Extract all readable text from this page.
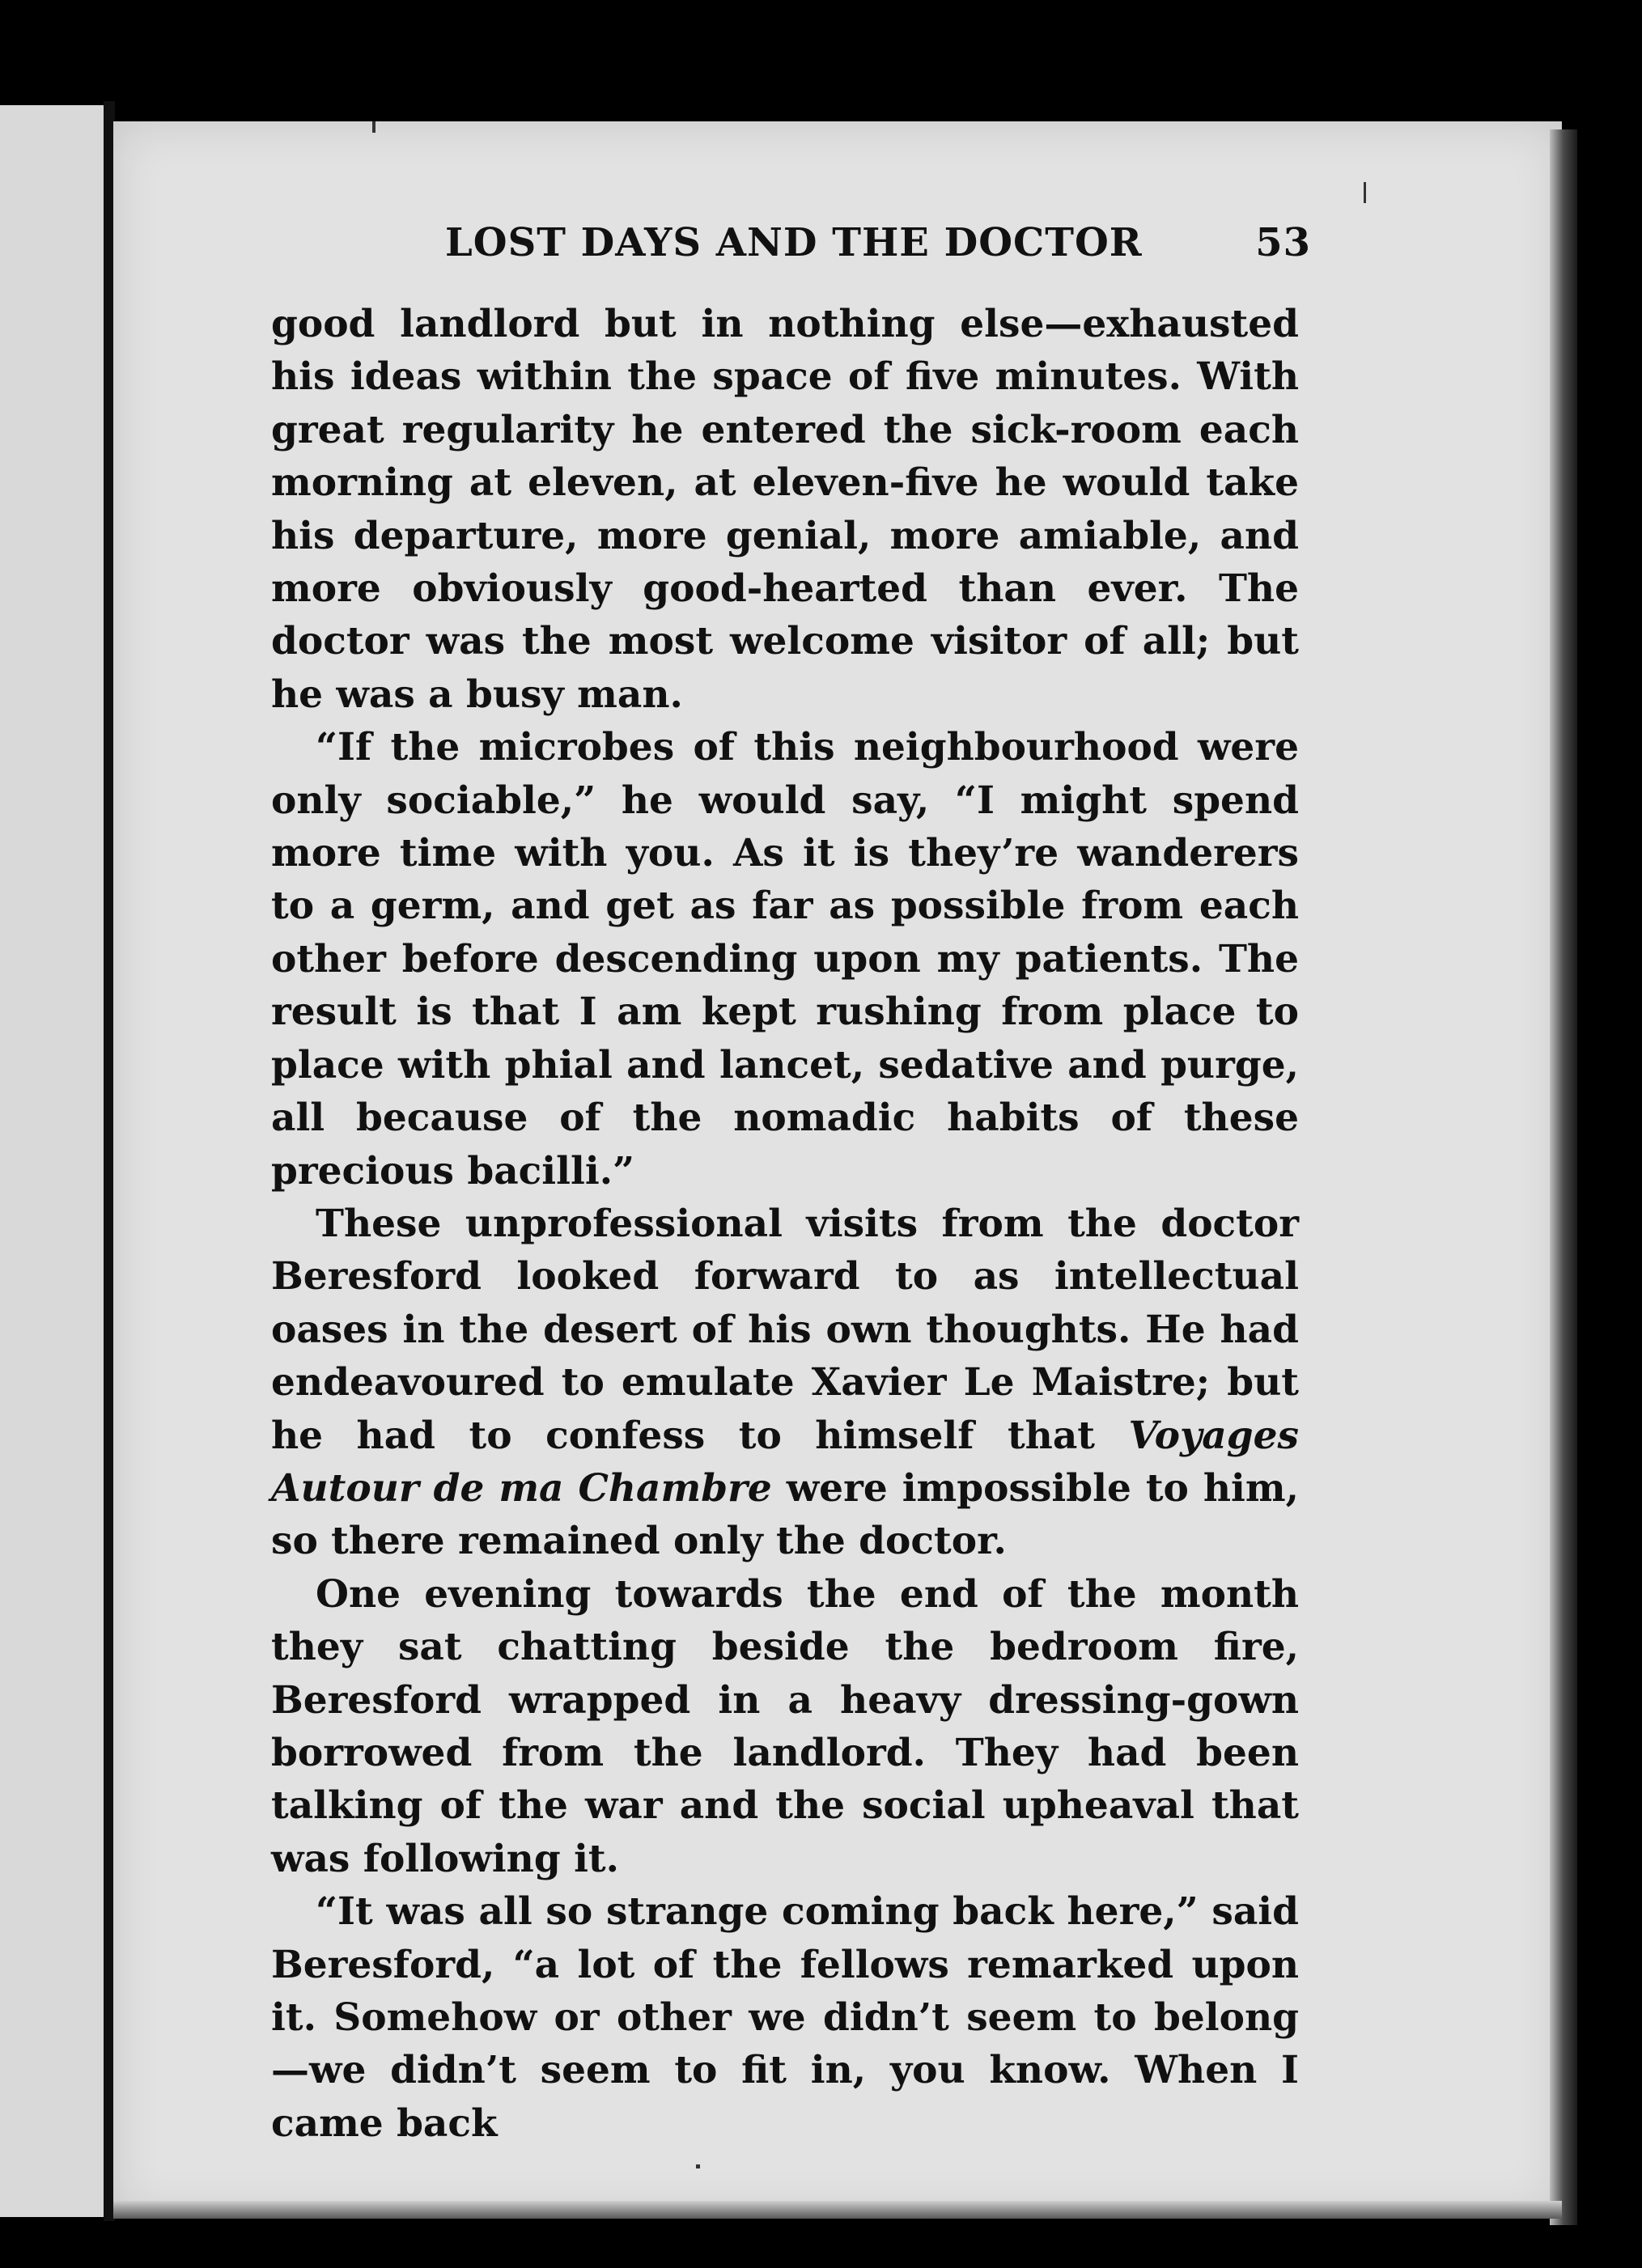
LOST DAYS AND THE DOCTOR	53

good landlord but in nothing else—exhausted his ideas within the space of five minutes. With great regularity he entered the sick-room each morning at eleven, at eleven-five he would take his departure, more genial, more amiable, and more obviously good-hearted than ever. The doctor was the most welcome visitor of all; but he was a busy man.

“If the microbes of this neighbourhood were only sociable,” he would say, “I might spend more time with you. As it is they’re wanderers to a germ, and get as far as possible from each other before descending upon my patients. The result is that I am kept rushing from place to place with phial and lancet, sedative and purge, all because of the nomadic habits of these precious bacilli.”

These unprofessional visits from the doctor Beresford looked forward to as intellectual oases in the desert of his own thoughts. He had endeavoured to emulate Xavier Le Maistre; but he had to confess to himself that Voyages Autour de ma Chambre were impossible to him, so there remained only the doctor.

One evening towards the end of the month they sat chatting beside the bedroom fire, Beresford wrapped in a heavy dressing-gown borrowed from the landlord. They had been talking of the war and the social upheaval that was following it.

“It was all so strange coming back here,” said Beresford, “a lot of the fellows remarked upon it. Somehow or other we didn’t seem to belong—we didn’t seem to fit in, you know. When I came back
